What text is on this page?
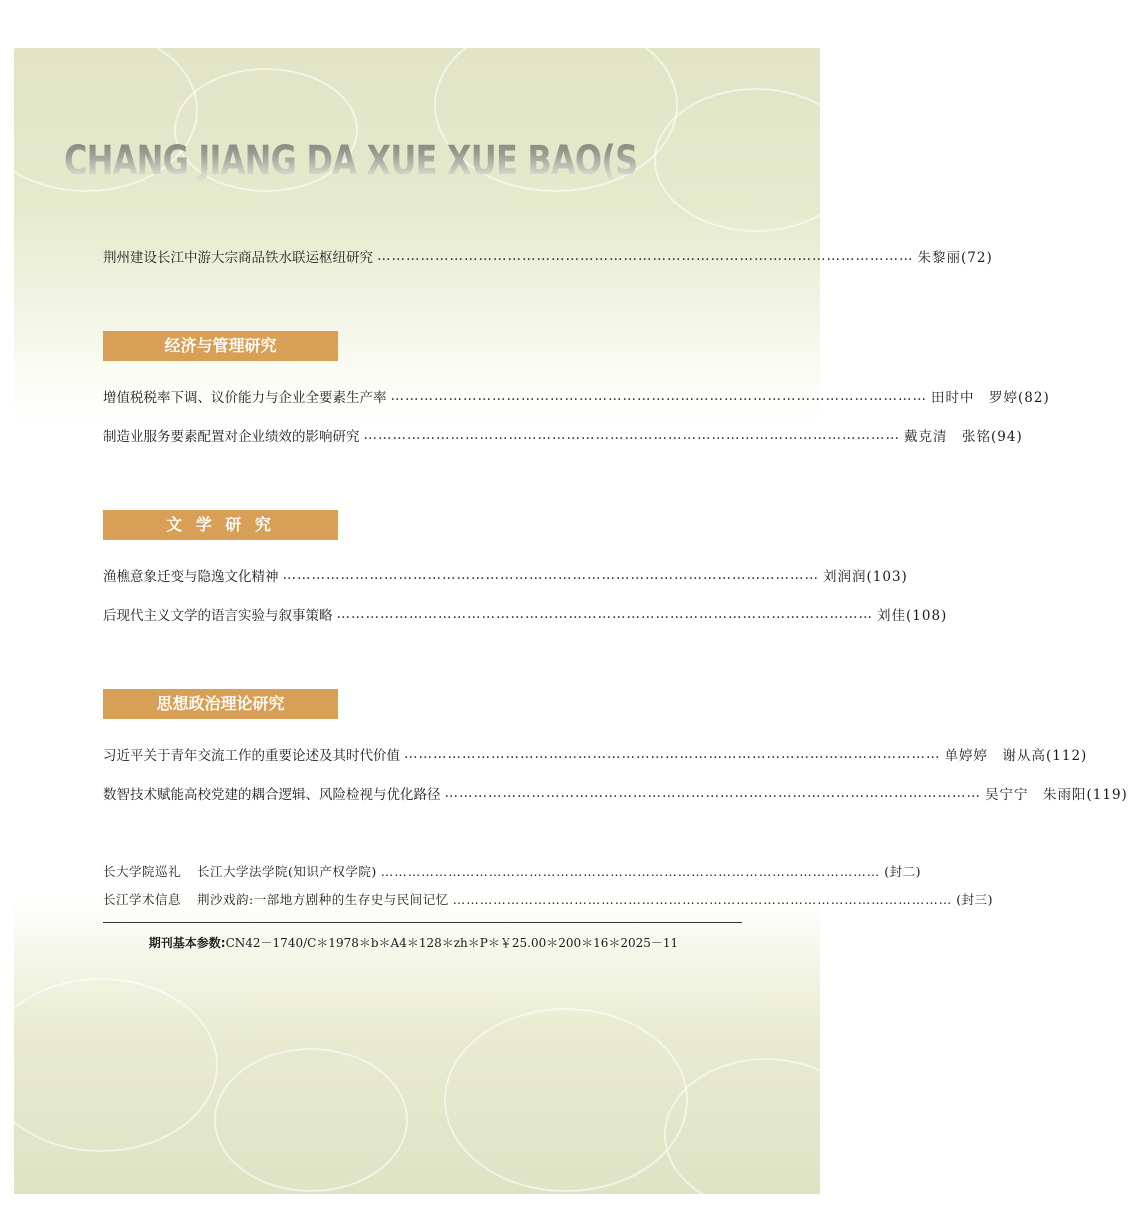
CHANG JIANG DA XUE XUE BAO(SHE HUI KE XUE BAN)
荆州建设长江中游大宗商品铁水联运枢纽研究 ………………………………………………………………………………………………… 朱黎丽(72)
经济与管理研究
增值税税率下调、议价能力与企业全要素生产率 ………………………………………………………………………………………………… 田时中　罗婷(82)
制造业服务要素配置对企业绩效的影响研究 ………………………………………………………………………………………………… 戴克清　张铭(94)
文 学 研 究
渔樵意象迁变与隐逸文化精神 ………………………………………………………………………………………………… 刘润润(103)
后现代主义文学的语言实验与叙事策略 ………………………………………………………………………………………………… 刘佳(108)
思想政治理论研究
习近平关于青年交流工作的重要论述及其时代价值 ………………………………………………………………………………………………… 单婷婷　谢从高(112)
数智技术赋能高校党建的耦合逻辑、风险检视与优化路径 ………………………………………………………………………………………………… 吴宁宁　朱雨阳(119)
长大学院巡礼 长江大学法学院(知识产权学院) ………………………………………………………………………………………………… (封二)
长江学术信息 荆沙戏韵:一部地方剧种的生存史与民间记忆 ………………………………………………………………………………………………… (封三)
期刊基本参数:CN42－1740/C＊1978＊b＊A4＊128＊zh＊P＊￥25.00＊200＊16＊2025－11
